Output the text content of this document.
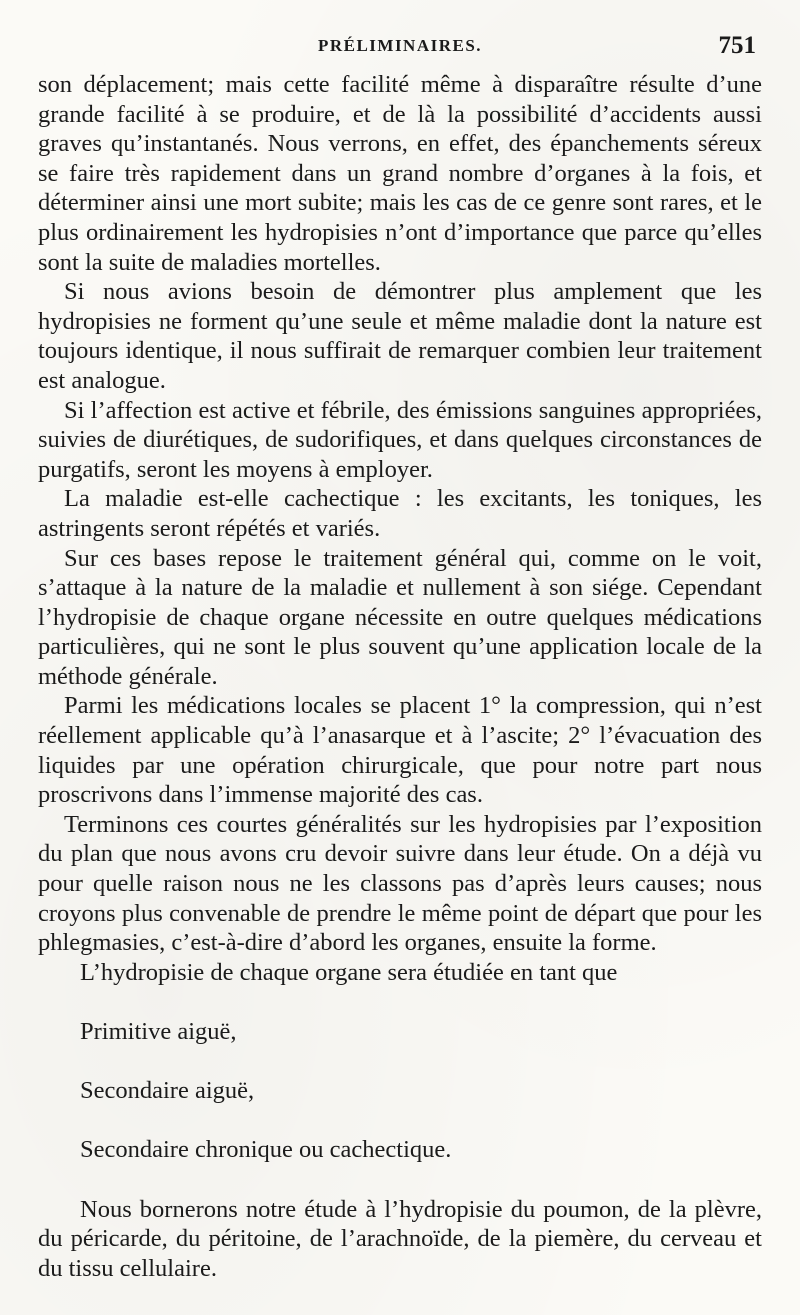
PRÉLIMINAIRES.	751

son déplacement; mais cette facilité même à disparaître résulte d’une grande facilité à se produire, et de là la possibilité d’accidents aussi graves qu’instantanés. Nous verrons, en effet, des épanchements séreux se faire très rapidement dans un grand nombre d’organes à la fois, et déterminer ainsi une mort subite; mais les cas de ce genre sont rares, et le plus ordinairement les hydropisies n’ont d’importance que parce qu’elles sont la suite de maladies mortelles.

Si nous avions besoin de démontrer plus amplement que les hydropisies ne forment qu’une seule et même maladie dont la nature est toujours identique, il nous suffirait de remarquer combien leur traitement est analogue.

Si l’affection est active et fébrile, des émissions sanguines appropriées, suivies de diurétiques, de sudorifiques, et dans quelques circonstances de purgatifs, seront les moyens à employer.

La maladie est-elle cachectique : les excitants, les toniques, les astringents seront répétés et variés.

Sur ces bases repose le traitement général qui, comme on le voit, s’attaque à la nature de la maladie et nullement à son siége. Cependant l’hydropisie de chaque organe nécessite en outre quelques médications particulières, qui ne sont le plus souvent qu’une application locale de la méthode générale.

Parmi les médications locales se placent 1° la compression, qui n’est réellement applicable qu’à l’anasarque et à l’ascite; 2° l’évacuation des liquides par une opération chirurgicale, que pour notre part nous proscrivons dans l’immense majorité des cas.

Terminons ces courtes généralités sur les hydropisies par l’exposition du plan que nous avons cru devoir suivre dans leur étude. On a déjà vu pour quelle raison nous ne les classons pas d’après leurs causes; nous croyons plus convenable de prendre le même point de départ que pour les phlegmasies, c’est-à-dire d’abord les organes, ensuite la forme.

L’hydropisie de chaque organe sera étudiée en tant que

Primitive aiguë,

Secondaire aiguë,

Secondaire chronique ou cachectique.

Nous bornerons notre étude à l’hydropisie du poumon, de la plèvre, du péricarde, du péritoine, de l’arachnoïde, de la piemère, du cerveau et du tissu cellulaire.
